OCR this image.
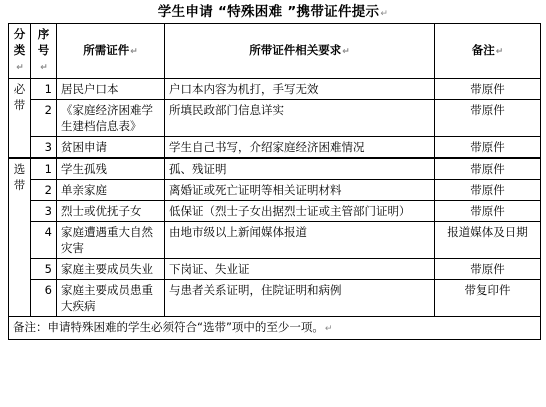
学生申请 “特殊困难 ”携带证件提示↵
分类↵	序号↵	所需证件↵	所带证件相关要求↵	备注↵
必带	1	居民户口本	户口本内容为机打，手写无效	带原件
	2	《家庭经济困难学生建档信息表》	所填民政部门信息详实	带原件
	3	贫困申请	学生自己书写，介绍家庭经济困难情况	带原件
选带	1	学生孤残	孤、残证明	带原件
	2	单亲家庭	离婚证或死亡证明等相关证明材料	带原件
	3	烈士或优抚子女	低保证（烈士子女出据烈士证或主管部门证明）	带原件
	4	家庭遭遇重大自然灾害	由地市级以上新闻媒体报道	报道媒体及日期
	5	家庭主要成员失业	下岗证、失业证	带原件
	6	家庭主要成员患重大疾病	与患者关系证明，住院证明和病例	带复印件
备注：申请特殊困难的学生必须符合“选带”项中的至少一项。↵				
